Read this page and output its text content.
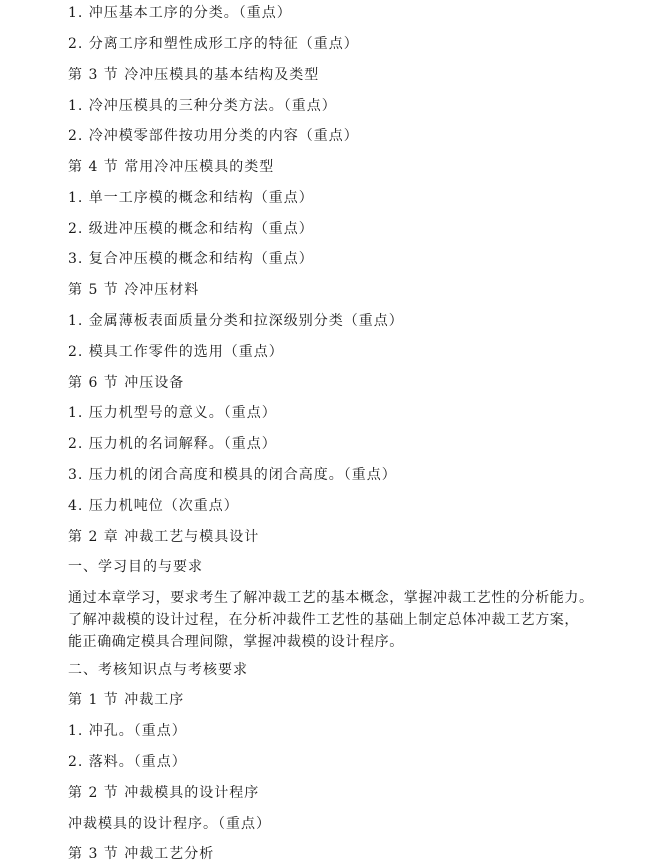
1. 冲压基本工序的分类。（重点）
2. 分离工序和塑性成形工序的特征（重点）
第 3 节 冷冲压模具的基本结构及类型
1. 冷冲压模具的三种分类方法。（重点）
2. 冷冲模零部件按功用分类的内容（重点）
第 4 节 常用冷冲压模具的类型
1. 单一工序模的概念和结构（重点）
2. 级进冲压模的概念和结构（重点）
3. 复合冲压模的概念和结构（重点）
第 5 节 冷冲压材料
1. 金属薄板表面质量分类和拉深级别分类（重点）
2. 模具工作零件的选用（重点）
第 6 节 冲压设备
1. 压力机型号的意义。（重点）
2. 压力机的名词解释。（重点）
3. 压力机的闭合高度和模具的闭合高度。（重点）
4. 压力机吨位（次重点）
第 2 章 冲裁工艺与模具设计
一、学习目的与要求
通过本章学习，要求考生了解冲裁工艺的基本概念，掌握冲裁工艺性的分析能力。
了解冲裁模的设计过程，在分析冲裁件工艺性的基础上制定总体冲裁工艺方案，
能正确确定模具合理间隙，掌握冲裁模的设计程序。
二、考核知识点与考核要求
第 1 节 冲裁工序
1. 冲孔。（重点）
2. 落料。（重点）
第 2 节 冲裁模具的设计程序
冲裁模具的设计程序。（重点）
第 3 节 冲裁工艺分析
